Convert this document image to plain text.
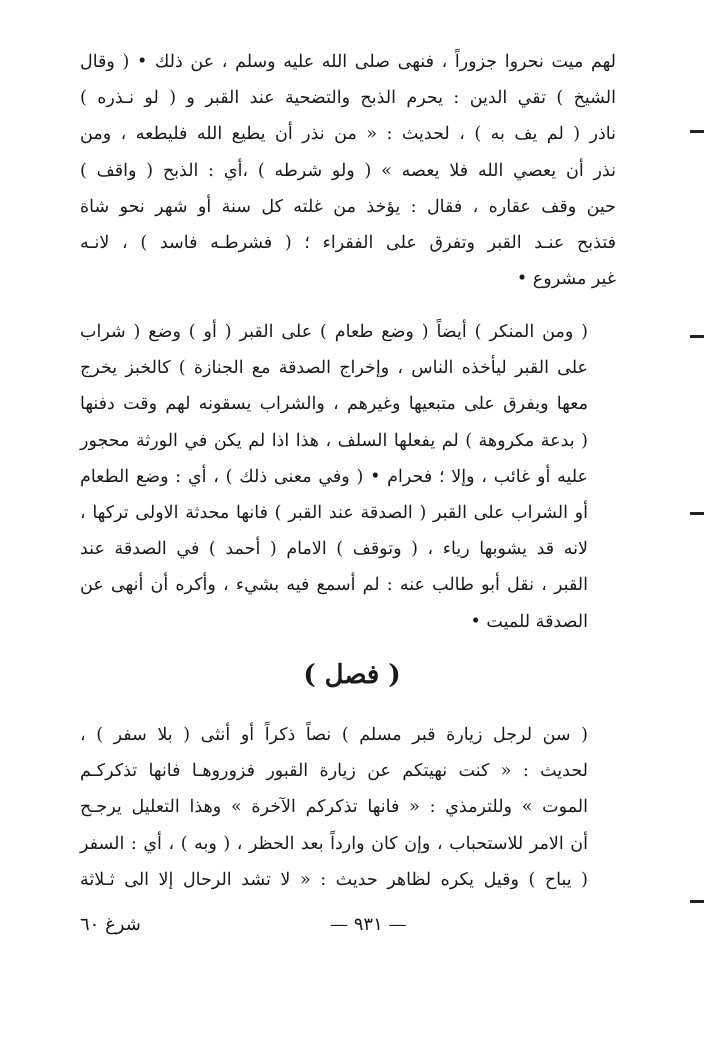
لهم ميت نحروا جزوراً ، فنهى صلى الله عليه وسلم ، عن ذلك • ( وقال
الشيخ ) تقي الدين : يحرم الذبح والتضحية عند القبر و ( لو نـذره )
ناذر ( لم يف به ) ، لحديث : « من نذر أن يطيع الله فليطعه ، ومن
نذر أن يعصي الله فلا يعصه » ( ولو شرطه ) ،أي : الذبح ( واقف )
حين وقف عقاره ، فقال : يؤخذ من غلته كل سنة أو شهر نحو شاة
فتذبح عنـد القبر وتفرق على الفقراء ؛ ( فشرطـه فاسد ) ، لانـه
غير مشروع •
( ومن المنكر ) أيضاً ( وضع طعام ) على القبر ( أو ) وضع ( شراب
على القبر ليأخذه الناس ، وإخراج الصدقة مع الجنازة ) كالخبز يخرج
معها ويفرق على متبعيها وغيرهم ، والشراب يسقونه لهم وقت دفنها
( بدعة مكروهة ) لم يفعلها السلف ، هذا اذا لم يكن في الورثة محجور
عليه أو غائب ، وإلا ؛ فحرام • ( وفي معنى ذلك ) ، أي : وضع الطعام
أو الشراب على القبر ( الصدقة عند القبر ) فانها محدثة الاولى تركها ،
لانه قد يشوبها رياء ، ( وتوقف ) الامام ( أحمد ) في الصدقة عند
القبر ، نقل أبو طالب عنه : لم أسمع فيه بشيء ، وأكره أن أنهى عن
الصدقة للميت •
( فصل )
( سن لرجل زيارة قبر مسلم ) نصاً ذكراً أو أنثى ( بلا سفر ) ،
لحديث : « كنت نهيتكم عن زيارة القبور فزوروهـا فانها تذكركـم
الموت » وللترمذي : « فانها تذكركم الآخرة » وهذا التعليل يرجـح
أن الامر للاستحباب ، وإن كان وارداً بعد الحظر ، ( وبه ) ، أي : السفر
( يباح ) وقيل يكره لظاهر حديث : « لا تشد الرحال إلا الى ثـلاثة
— ٩٣١ —
شرغ ٦٠
